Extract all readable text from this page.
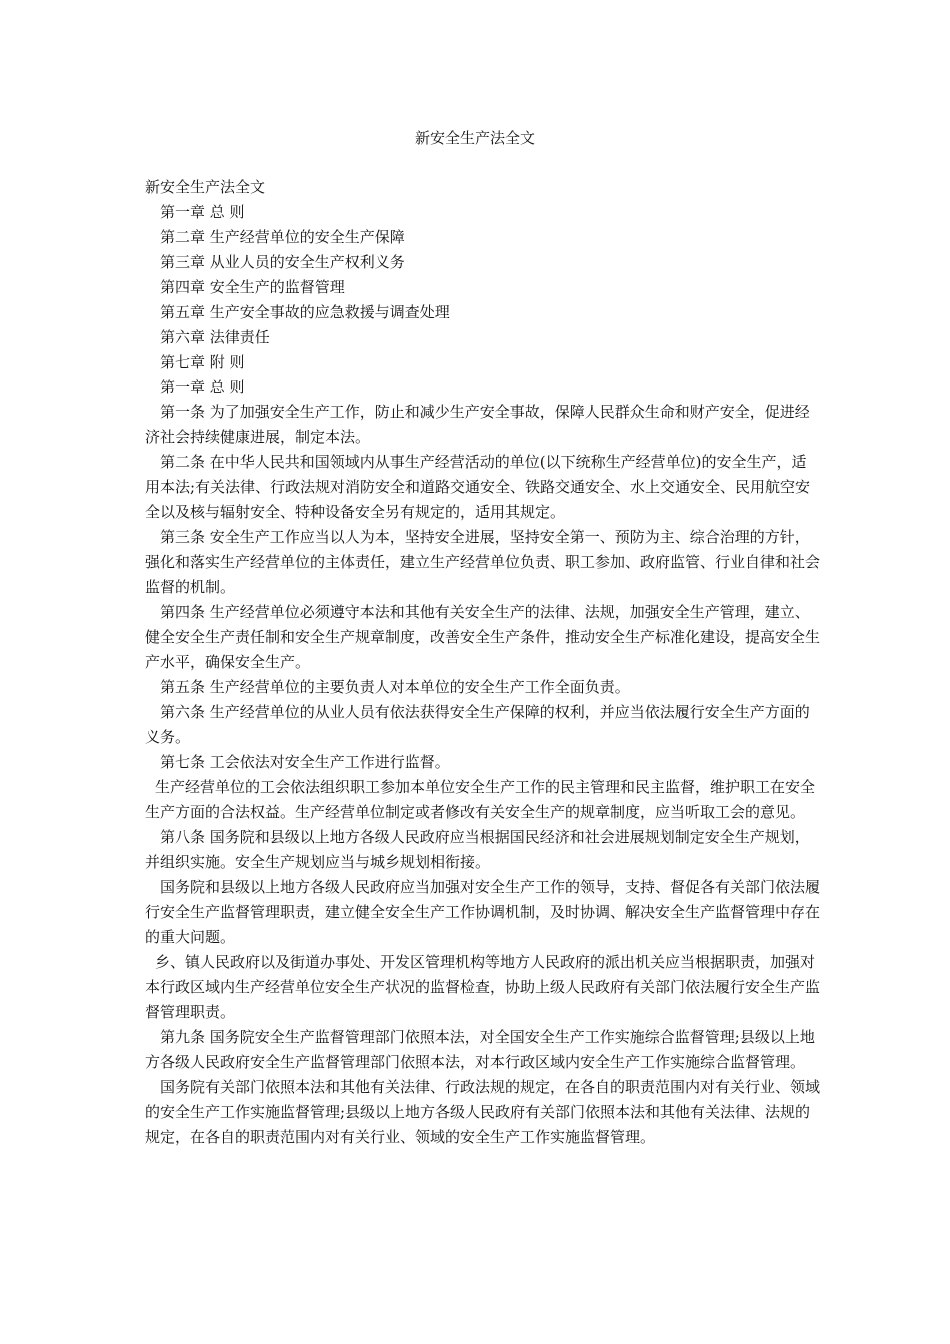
新安全生产法全文

新安全生产法全文

第一章 总 则

第二章 生产经营单位的安全生产保障

第三章 从业人员的安全生产权利义务

第四章 安全生产的监督管理

第五章 生产安全事故的应急救援与调查处理

第六章 法律责任

第七章 附 则

第一章 总 则

第一条 为了加强安全生产工作，防止和减少生产安全事故，保障人民群众生命和财产安全，促进经济社会持续健康进展，制定本法。

第二条 在中华人民共和国领域内从事生产经营活动的单位(以下统称生产经营单位)的安全生产，适用本法;有关法律、行政法规对消防安全和道路交通安全、铁路交通安全、水上交通安全、民用航空安全以及核与辐射安全、特种设备安全另有规定的，适用其规定。

第三条 安全生产工作应当以人为本，坚持安全进展，坚持安全第一、预防为主、综合治理的方针，强化和落实生产经营单位的主体责任，建立生产经营单位负责、职工参加、政府监管、行业自律和社会监督的机制。

第四条 生产经营单位必须遵守本法和其他有关安全生产的法律、法规，加强安全生产管理，建立、健全安全生产责任制和安全生产规章制度，改善安全生产条件，推动安全生产标准化建设，提高安全生产水平，确保安全生产。

第五条 生产经营单位的主要负责人对本单位的安全生产工作全面负责。

第六条 生产经营单位的从业人员有依法获得安全生产保障的权利，并应当依法履行安全生产方面的义务。

第七条 工会依法对安全生产工作进行监督。

生产经营单位的工会依法组织职工参加本单位安全生产工作的民主管理和民主监督，维护职工在安全生产方面的合法权益。生产经营单位制定或者修改有关安全生产的规章制度，应当听取工会的意见。

第八条 国务院和县级以上地方各级人民政府应当根据国民经济和社会进展规划制定安全生产规划，并组织实施。安全生产规划应当与城乡规划相衔接。

国务院和县级以上地方各级人民政府应当加强对安全生产工作的领导，支持、督促各有关部门依法履行安全生产监督管理职责，建立健全安全生产工作协调机制，及时协调、解决安全生产监督管理中存在的重大问题。

乡、镇人民政府以及街道办事处、开发区管理机构等地方人民政府的派出机关应当根据职责，加强对本行政区域内生产经营单位安全生产状况的监督检查，协助上级人民政府有关部门依法履行安全生产监督管理职责。

第九条 国务院安全生产监督管理部门依照本法，对全国安全生产工作实施综合监督管理;县级以上地方各级人民政府安全生产监督管理部门依照本法，对本行政区域内安全生产工作实施综合监督管理。

国务院有关部门依照本法和其他有关法律、行政法规的规定，在各自的职责范围内对有关行业、领域的安全生产工作实施监督管理;县级以上地方各级人民政府有关部门依照本法和其他有关法律、法规的规定，在各自的职责范围内对有关行业、领域的安全生产工作实施监督管理。
